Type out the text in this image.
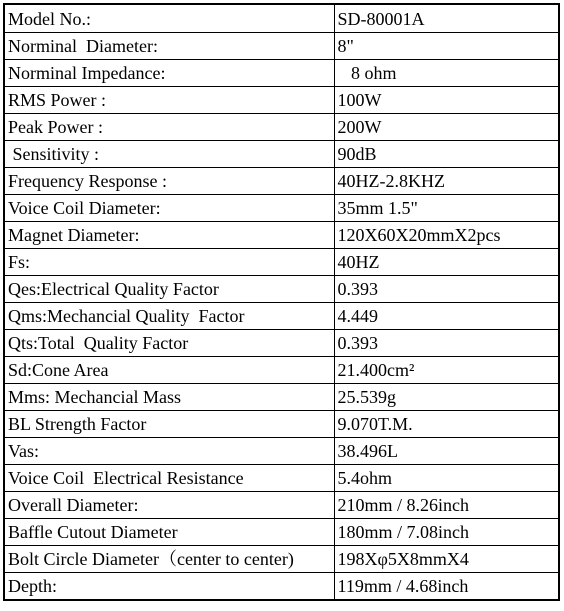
Model No.:	SD-80001A
Norminal  Diameter:	8"
Norminal Impedance:	8 ohm
RMS Power :	100W
Peak Power :	200W
Sensitivity :	90dB
Frequency Response :	40HZ-2.8KHZ
Voice Coil Diameter:	35mm 1.5"
Magnet Diameter:	120X60X20mmX2pcs
Fs:	40HZ
Qes:Electrical Quality Factor	0.393
Qms:Mechancial Quality  Factor	4.449
Qts:Total  Quality Factor	0.393
Sd:Cone Area	21.400cm²
Mms: Mechancial Mass	25.539g
BL Strength Factor	9.070T.M.
Vas:	38.496L
Voice Coil  Electrical Resistance	5.4ohm
Overall Diameter:	210mm / 8.26inch
Baffle Cutout Diameter	180mm / 7.08inch
Bolt Circle Diameter（center to center)	198Xφ5X8mmX4
Depth:	119mm / 4.68inch
